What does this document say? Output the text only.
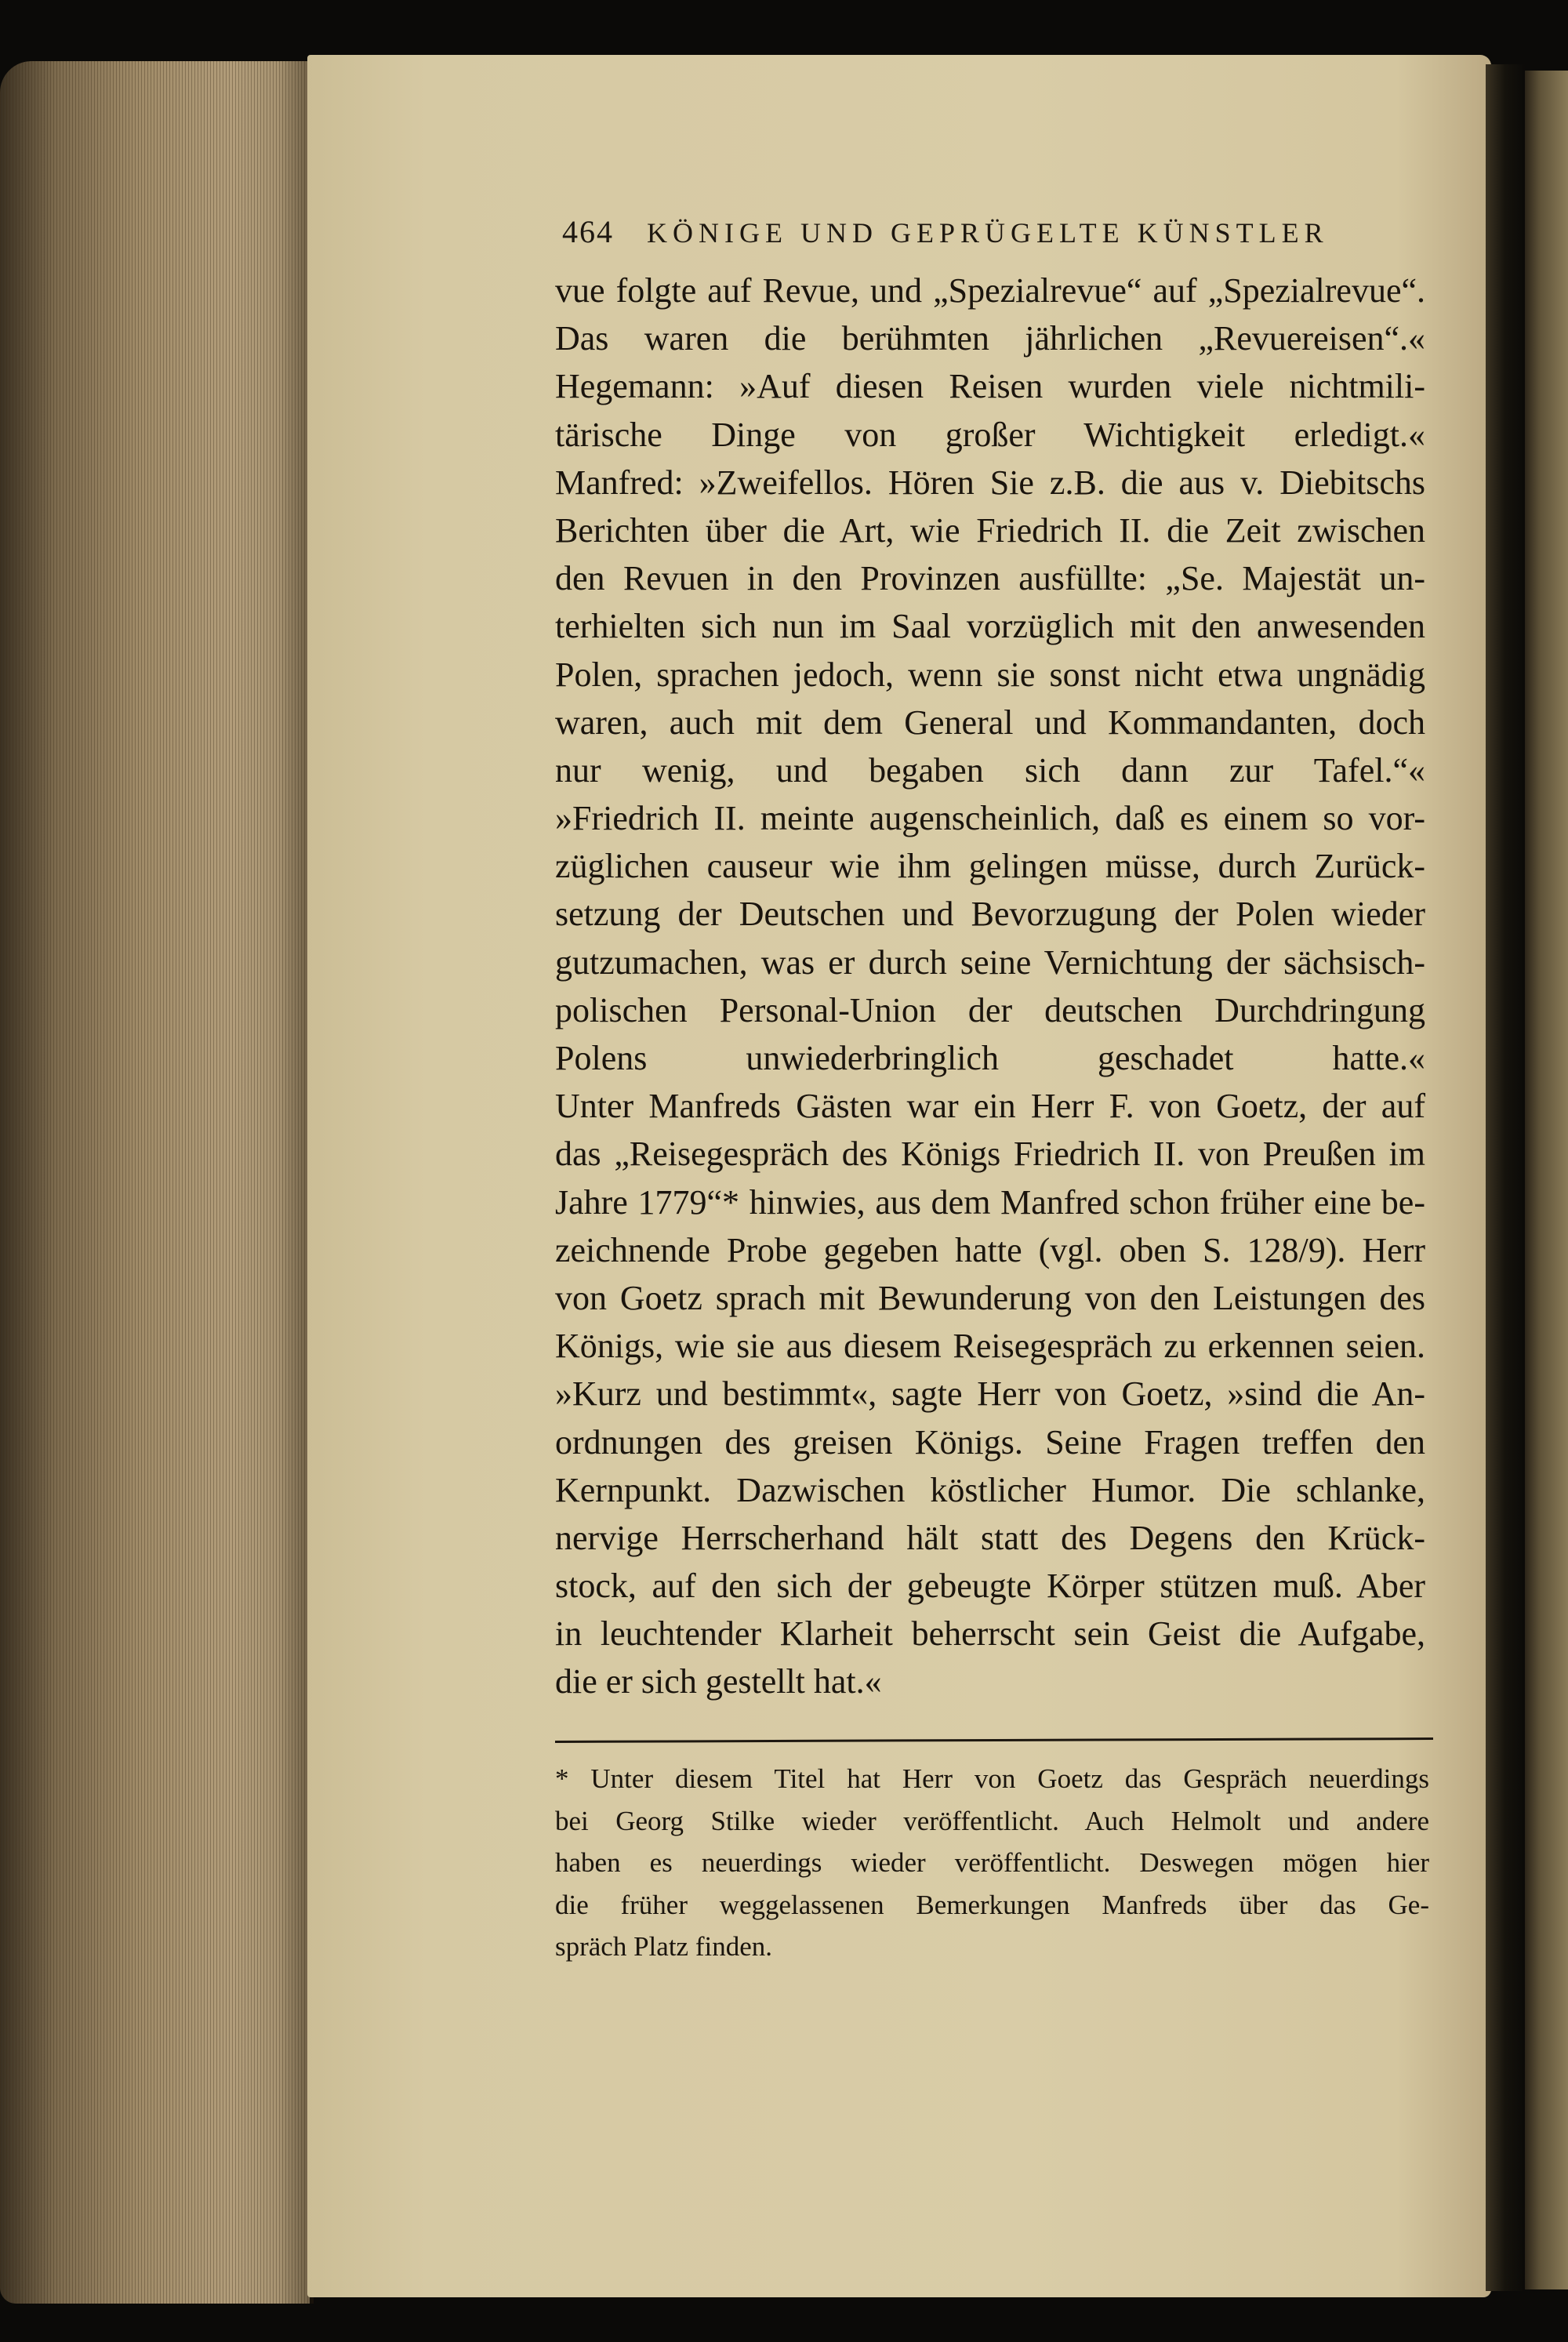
464 KÖNIGE UND GEPRÜGELTE KÜNSTLER
vue folgte auf Revue, und „Spezialrevue“ auf „Spezialrevue“.
Das waren die berühmten jährlichen „Revuereisen“.«
Hegemann: »Auf diesen Reisen wurden viele nichtmili-
tärische Dinge von großer Wichtigkeit erledigt.«
Manfred: »Zweifellos. Hören Sie z.B. die aus v. Diebitschs
Berichten über die Art, wie Friedrich II. die Zeit zwischen
den Revuen in den Provinzen ausfüllte: „Se. Majestät un-
terhielten sich nun im Saal vorzüglich mit den anwesenden
Polen, sprachen jedoch, wenn sie sonst nicht etwa ungnädig
waren, auch mit dem General und Kommandanten, doch
nur wenig, und begaben sich dann zur Tafel.“«
»Friedrich II. meinte augenscheinlich, daß es einem so vor-
züglichen causeur wie ihm gelingen müsse, durch Zurück-
setzung der Deutschen und Bevorzugung der Polen wieder
gutzumachen, was er durch seine Vernichtung der sächsisch-
polischen Personal-Union der deutschen Durchdringung
Polens unwiederbringlich geschadet hatte.«
Unter Manfreds Gästen war ein Herr F. von Goetz, der auf
das „Reisegespräch des Königs Friedrich II. von Preußen im
Jahre 1779“* hinwies, aus dem Manfred schon früher eine be-
zeichnende Probe gegeben hatte (vgl. oben S. 128/9). Herr
von Goetz sprach mit Bewunderung von den Leistungen des
Königs, wie sie aus diesem Reisegespräch zu erkennen seien.
»Kurz und bestimmt«, sagte Herr von Goetz, »sind die An-
ordnungen des greisen Königs. Seine Fragen treffen den
Kernpunkt. Dazwischen köstlicher Humor. Die schlanke,
nervige Herrscherhand hält statt des Degens den Krück-
stock, auf den sich der gebeugte Körper stützen muß. Aber
in leuchtender Klarheit beherrscht sein Geist die Aufgabe,
die er sich gestellt hat.«
* Unter diesem Titel hat Herr von Goetz das Gespräch neuerdings
bei Georg Stilke wieder veröffentlicht. Auch Helmolt und andere
haben es neuerdings wieder veröffentlicht. Deswegen mögen hier
die früher weggelassenen Bemerkungen Manfreds über das Ge-
spräch Platz finden.
